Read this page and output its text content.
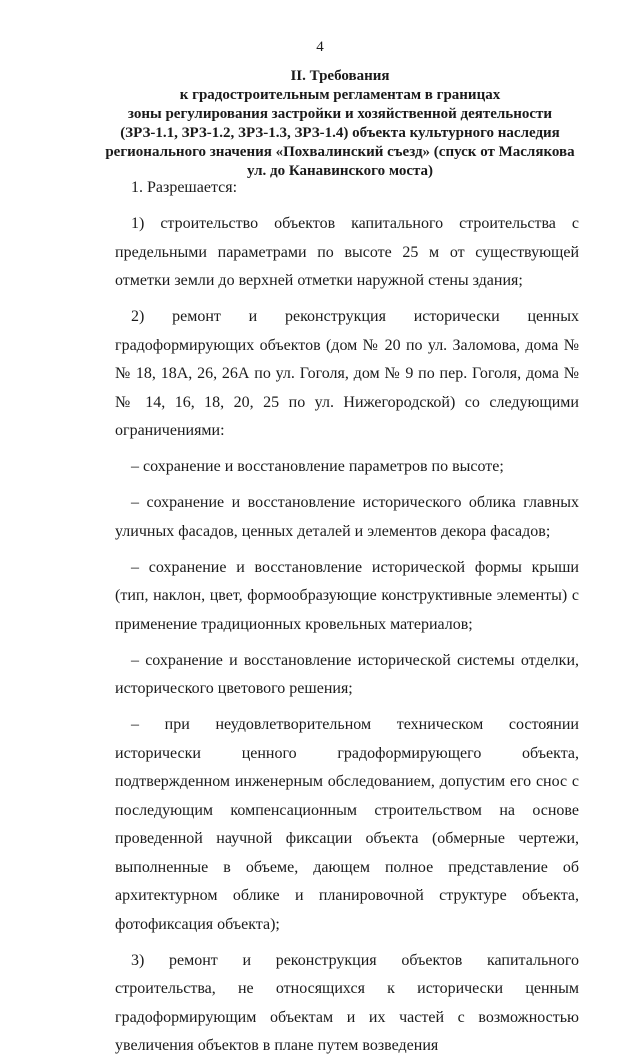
4
II. Требования
к градостроительным регламентам в границах
зоны регулирования застройки и хозяйственной деятельности
(ЗРЗ-1.1, ЗРЗ-1.2, ЗРЗ-1.3, ЗРЗ-1.4) объекта культурного наследия
регионального значения «Похвалинский съезд» (спуск от Маслякова
ул. до Канавинского моста)

1. Разрешается:

1) строительство объектов капитального строительства с предельными параметрами по высоте 25 м от существующей отметки земли до верхней отметки наружной стены здания;

2) ремонт и реконструкция исторически ценных градоформирующих объектов (дом № 20 по ул. Заломова, дома №№ 18, 18А, 26, 26А по ул. Гоголя, дом № 9 по пер. Гоголя, дома №№ 14, 16, 18, 20, 25 по ул. Нижегородской) со следующими ограничениями:

– сохранение и восстановление параметров по высоте;

– сохранение и восстановление исторического облика главных уличных фасадов, ценных деталей и элементов декора фасадов;

– сохранение и восстановление исторической формы крыши (тип, наклон, цвет, формообразующие конструктивные элементы) с применение традиционных кровельных материалов;

– сохранение и восстановление исторической системы отделки, исторического цветового решения;

– при неудовлетворительном техническом состоянии исторически ценного градоформирующего объекта, подтвержденном инженерным обследованием, допустим его снос с последующим компенсационным строительством на основе проведенной научной фиксации объекта (обмерные чертежи, выполненные в объеме, дающем полное представление об архитектурном облике и планировочной структуре объекта, фотофиксация объекта);

3) ремонт и реконструкция объектов капитального строительства, не относящихся к исторически ценным градоформирующим объектам и их частей с возможностью увеличения объектов в плане путем возведения
